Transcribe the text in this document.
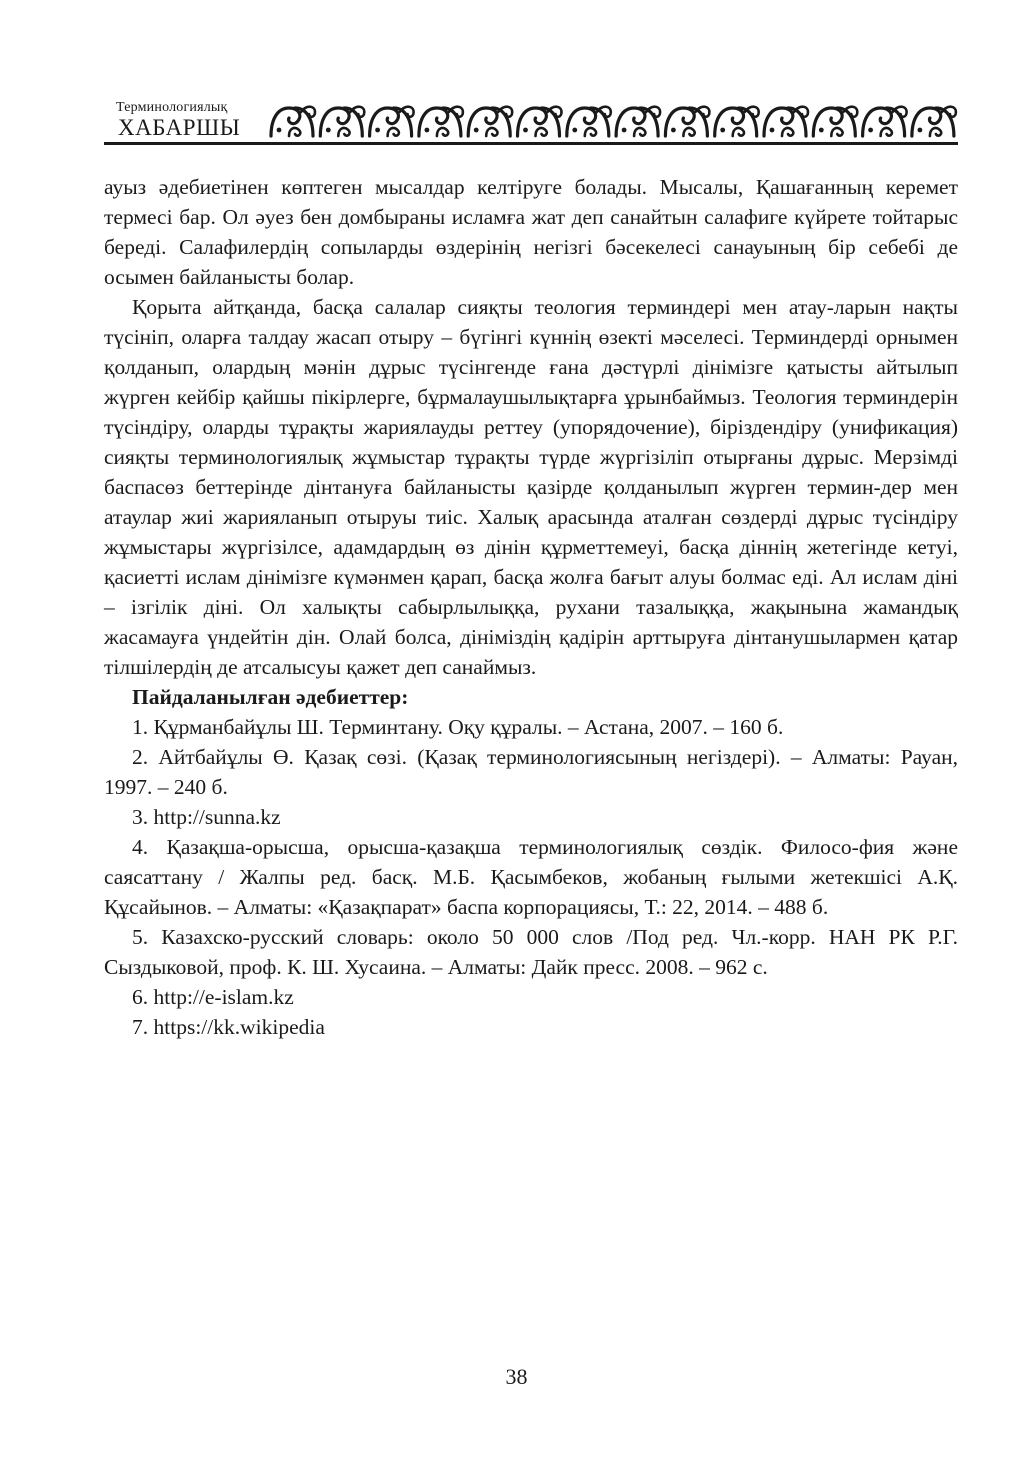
Терминологиялық
ХАБАРШЫ

ауыз әдебиетінен көптеген мысалдар келтіруге болады. Мысалы, Қашағанның керемет термесі бар. Ол әуез бен домбыраны исламға жат деп санайтын салафиге күйрете тойтарыс береді. Салафилердің сопыларды өздерінің негізгі бәсекелесі санауының бір себебі де осымен байланысты болар.

Қорыта айтқанда, басқа салалар сияқты теология терминдері мен атау-ларын нақты түсініп, оларға талдау жасап отыру – бүгінгі күннің өзекті мәселесі. Терминдерді орнымен қолданып, олардың мәнін дұрыс түсінгенде ғана дәстүрлі дінімізге қатысты айтылып жүрген кейбір қайшы пікірлерге, бұрмалаушылықтарға ұрынбаймыз. Теология терминдерін түсіндіру, оларды тұрақты жариялауды реттеу (упорядочение), біріздендіру (унификация) сияқты терминологиялық жұмыстар тұрақты түрде жүргізіліп отырғаны дұрыс. Мерзімді баспасөз беттерінде дінтануға байланысты қазірде қолданылып жүрген термин-дер мен атаулар жиі жарияланып отыруы тиіс. Халық арасында аталған сөздерді дұрыс түсіндіру жұмыстары жүргізілсе, адамдардың өз дінін құрметтемеуі, басқа діннің жетегінде кетуі, қасиетті ислам дінімізге күмәнмен қарап, басқа жолға бағыт алуы болмас еді. Ал ислам діні – ізгілік діні. Ол халықты сабырлылыққа, рухани тазалыққа, жақынына жамандық жасамауға үндейтін дін. Олай болса, дініміздің қадірін арттыруға дінтанушылармен қатар тілшілердің де атсалысуы қажет деп санаймыз.

Пайдаланылған әдебиеттер:

1. Құрманбайұлы Ш. Терминтану. Оқу құралы. – Астана, 2007. – 160 б.

2. Айтбайұлы Ө. Қазақ сөзі. (Қазақ терминологиясының негіздері). – Алматы: Рауан, 1997. – 240 б.

3. http://sunna.kz

4. Қазақша-орысша, орысша-қазақша терминологиялық сөздік. Филосо-фия және саясаттану / Жалпы ред. басқ. М.Б. Қасымбеков, жобаның ғылыми жетекшісі А.Қ. Құсайынов. – Алматы: «Қазақпарат» баспа корпорациясы, Т.: 22, 2014. – 488 б.

5. Казахско-русский словарь: около 50 000 слов /Под ред. Чл.-корр. НАН РК Р.Г. Сыздыковой, проф. К. Ш. Хусаина. – Алматы: Дайк пресс. 2008. – 962 с.

6. http://e-islam.kz

7. https://kk.wikipedia

38
